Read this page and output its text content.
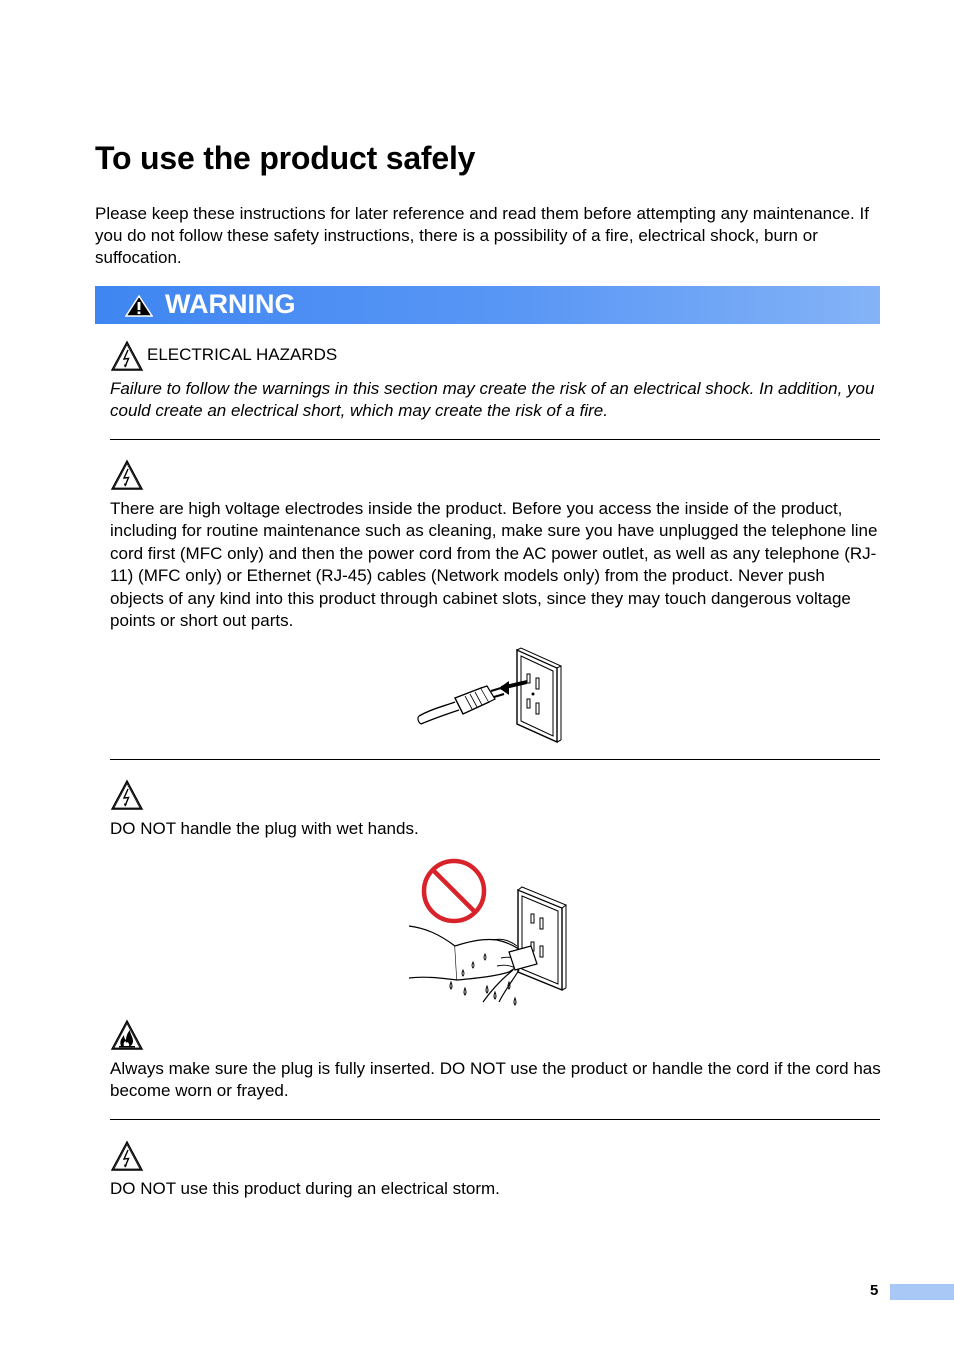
To use the product safely

Please keep these instructions for later reference and read them before attempting any maintenance. If you do not follow these safety instructions, there is a possibility of a fire, electrical shock, burn or suffocation.

WARNING
ELECTRICAL HAZARDS

Failure to follow the warnings in this section may create the risk of an electrical shock. In addition, you could create an electrical short, which may create the risk of a fire.

There are high voltage electrodes inside the product. Before you access the inside of the product, including for routine maintenance such as cleaning, make sure you have unplugged the telephone line cord first (MFC only) and then the power cord from the AC power outlet, as well as any telephone (RJ-11) (MFC only) or Ethernet (RJ-45) cables (Network models only) from the product. Never push objects of any kind into this product through cabinet slots, since they may touch dangerous voltage points or short out parts.

DO NOT handle the plug with wet hands.

Always make sure the plug is fully inserted. DO NOT use the product or handle the cord if the cord has become worn or frayed.

DO NOT use this product during an electrical storm.

5
